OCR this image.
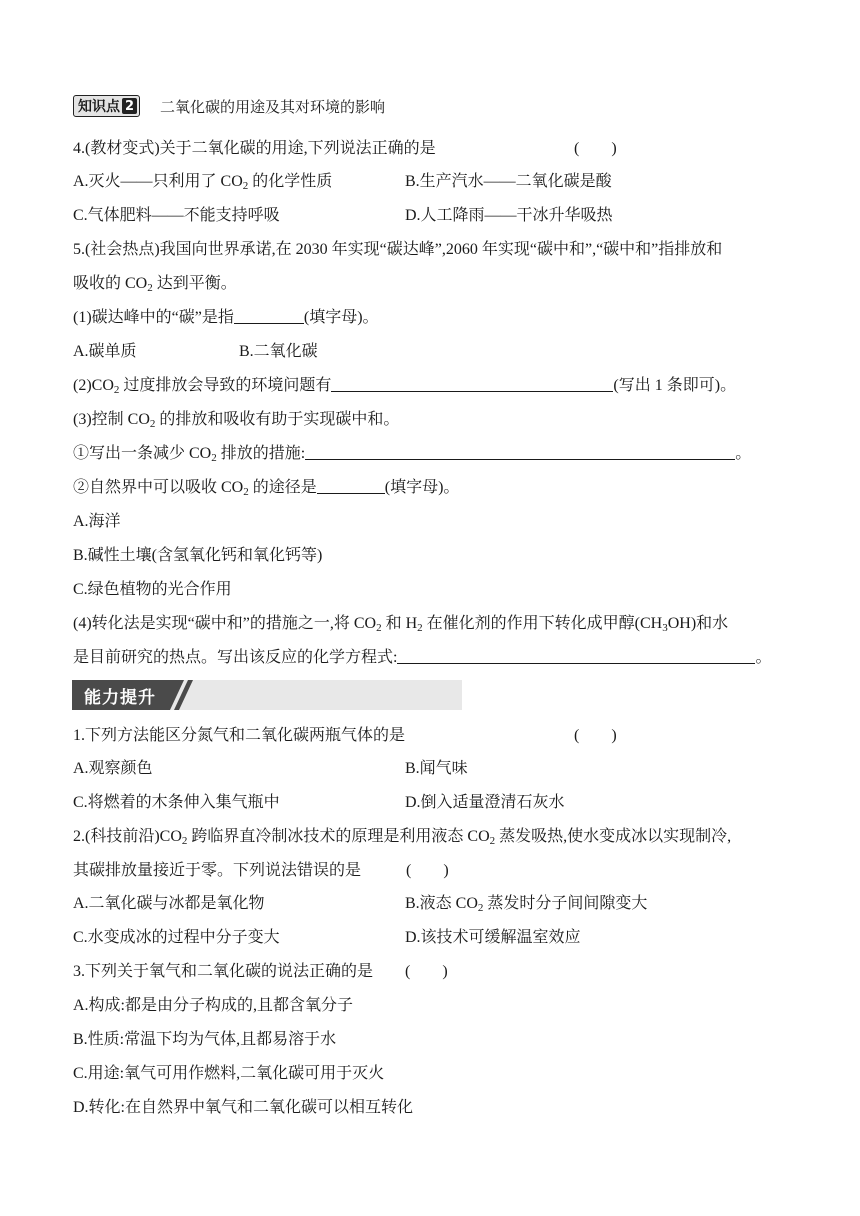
知识点 2 二氧化碳的用途及其对环境的影响
4.(教材变式)关于二氧化碳的用途,下列说法正确的是	(　　)
A.灭火——只利用了 $CO_2$ 的化学性质	B.生产汽水——二氧化碳是酸
C.气体肥料——不能支持呼吸	D.人工降雨——干冰升华吸热
5.(社会热点)我国向世界承诺,在 2030 年实现“碳达峰”,2060 年实现“碳中和”,“碳中和”指排放和
吸收的 $CO_2$ 达到平衡。
(1)碳达峰中的“碳”是指	(填字母)。
A.碳单质	B.二氧化碳
$(2)CO_2$ 过度排放会导致的环境问题有	(写出 1 条即可)。
(3)控制 $CO_2$ 的排放和吸收有助于实现碳中和。
①写出一条减少 $CO_2$ 排放的措施:	。
②自然界中可以吸收 $CO_2$ 的途径是	(填字母)。
A.海洋
B.碱性土壤(含氢氧化钙和氧化钙等)
C.绿色植物的光合作用
(4)转化法是实现“碳中和”的措施之一,将 $CO_2$ 和 $H_2$ 在催化剂的作用下转化成甲醇$(CH_3OH)$和水
是目前研究的热点。写出该反应的化学方程式:	。
能力提升
1.下列方法能区分氮气和二氧化碳两瓶气体的是	(　　)
A.观察颜色	B.闻气味
C.将燃着的木条伸入集气瓶中	D.倒入适量澄清石灰水
2.(科技前沿)$CO_2$ 跨临界直冷制冰技术的原理是利用液态 $CO_2$ 蒸发吸热,使水变成冰以实现制冷,
其碳排放量接近于零。下列说法错误的是	(　　)
A.二氧化碳与冰都是氧化物	B.液态 $CO_2$ 蒸发时分子间间隙变大
C.水变成冰的过程中分子变大	D.该技术可缓解温室效应
3.下列关于氧气和二氧化碳的说法正确的是 (　　)
A.构成:都是由分子构成的,且都含氧分子
B.性质:常温下均为气体,且都易溶于水
C.用途:氧气可用作燃料,二氧化碳可用于灭火
D.转化:在自然界中氧气和二氧化碳可以相互转化
